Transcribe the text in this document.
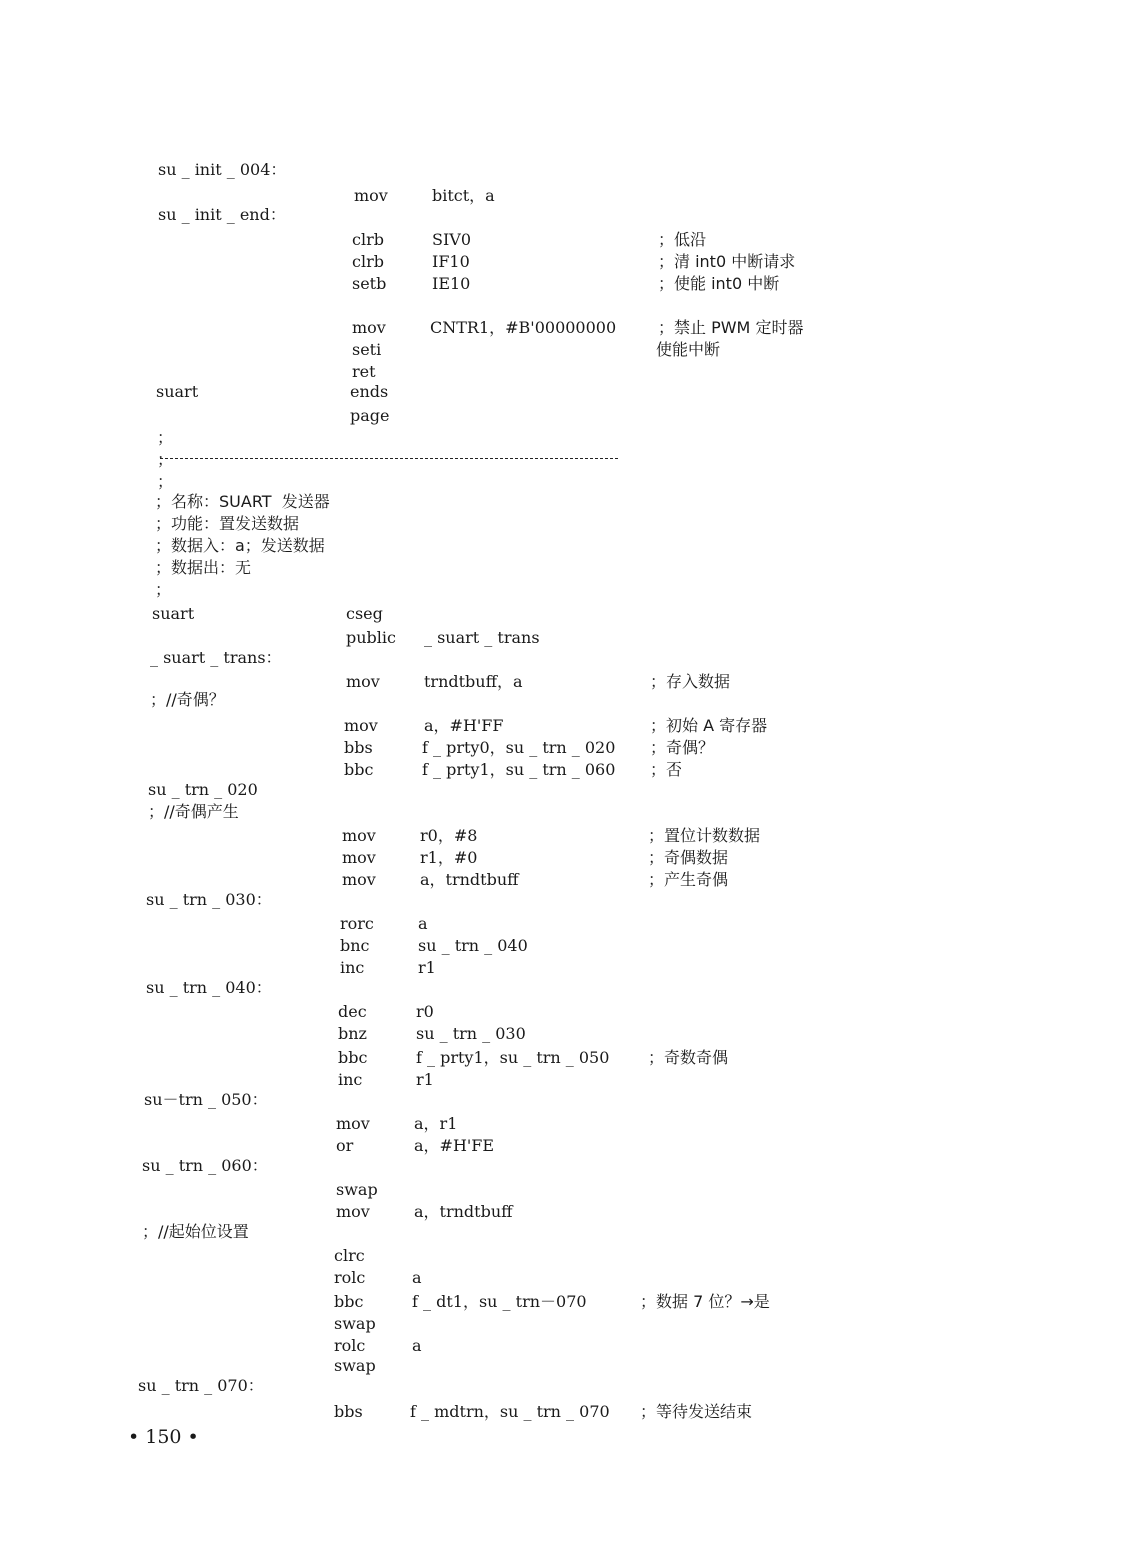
su _ init _ 004：
mov	bitct，a
su _ init _ end：
clrb	SIV0	；低沿
clrb	IF10	；清 int0 中断请求
setb	IE10	；使能 int0 中断
mov	CNTR1，#B'00000000	；禁止 PWM 定时器
seti	使能中断
ret
suart	ends
page
；
；
；
；名称：SUART  发送器
；功能：置发送数据
；数据入：a；发送数据
；数据出：无
；
suart	cseg
public _ suart _ trans
_ suart _ trans：
mov	trndtbuff，a	；存入数据
；//奇偶？
mov	a，#H'FF	；初始 A 寄存器
bbs	f _ prty0，su _ trn _ 020 ；奇偶？
bbc	f _ prty1，su _ trn _ 060 ；否
su _ trn _ 020
；//奇偶产生
mov	r0，#8	；置位计数数据
mov	r1，#0	；奇偶数据
mov	a，trndtbuff	；产生奇偶
su _ trn _ 030：
rorc	a
bnc	su _ trn _ 040
inc	r1
su _ trn _ 040：
dec	r0
bnz	su _ trn _ 030
bbc	f _ prty1，su _ trn _ 050 ；奇数奇偶
inc	r1
su－trn _ 050：
mov	a，r1
or	a，#H'FE
su _ trn _ 060：
swap
mov	a，trndtbuff
；//起始位设置
clrc
rolc	a
bbc	f _ dt1，su _ trn－070	；数据 7 位？→是
swap
rolc	a
swap
su _ trn _ 070：
bbs	f _ mdtrn，su _ trn _ 070 ；等待发送结束
• 150 •
